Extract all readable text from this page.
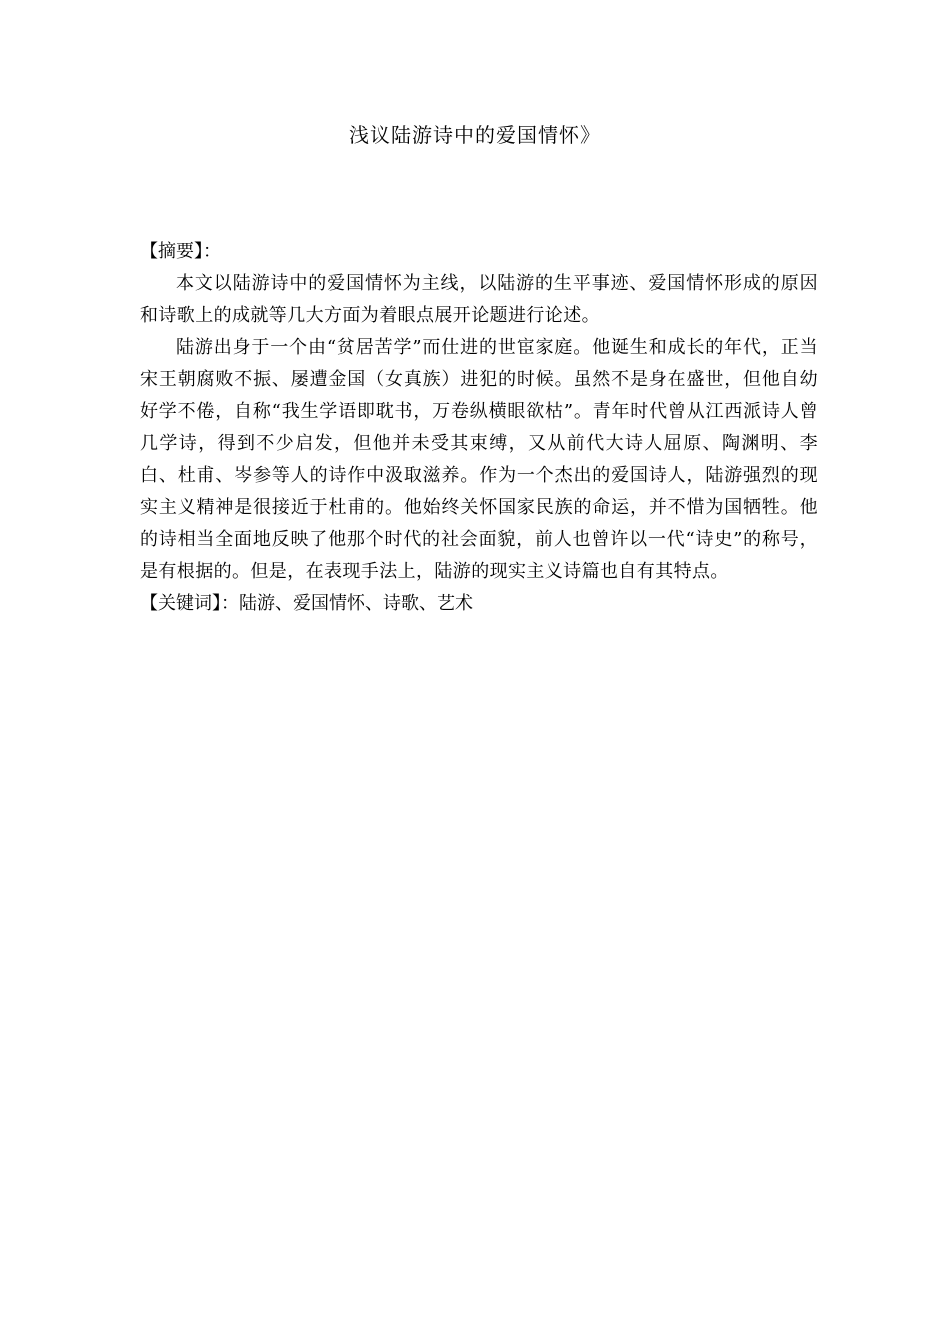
浅议陆游诗中的爱国情怀》

【摘要】：

本文以陆游诗中的爱国情怀为主线，以陆游的生平事迹、爱国情怀形成的原因和诗歌上的成就等几大方面为着眼点展开论题进行论述。

陆游出身于一个由“贫居苦学”而仕进的世宦家庭。他诞生和成长的年代，正当宋王朝腐败不振、屡遭金国（女真族）进犯的时候。虽然不是身在盛世，但他自幼好学不倦，自称“我生学语即耽书，万卷纵横眼欲枯”。青年时代曾从江西派诗人曾几学诗，得到不少启发，但他并未受其束缚，又从前代大诗人屈原、陶渊明、李白、杜甫、岑参等人的诗作中汲取滋养。作为一个杰出的爱国诗人，陆游强烈的现实主义精神是很接近于杜甫的。他始终关怀国家民族的命运，并不惜为国牺牲。他的诗相当全面地反映了他那个时代的社会面貌，前人也曾许以一代“诗史”的称号，是有根据的。但是，在表现手法上，陆游的现实主义诗篇也自有其特点。

【关键词】：陆游、爱国情怀、诗歌、艺术
